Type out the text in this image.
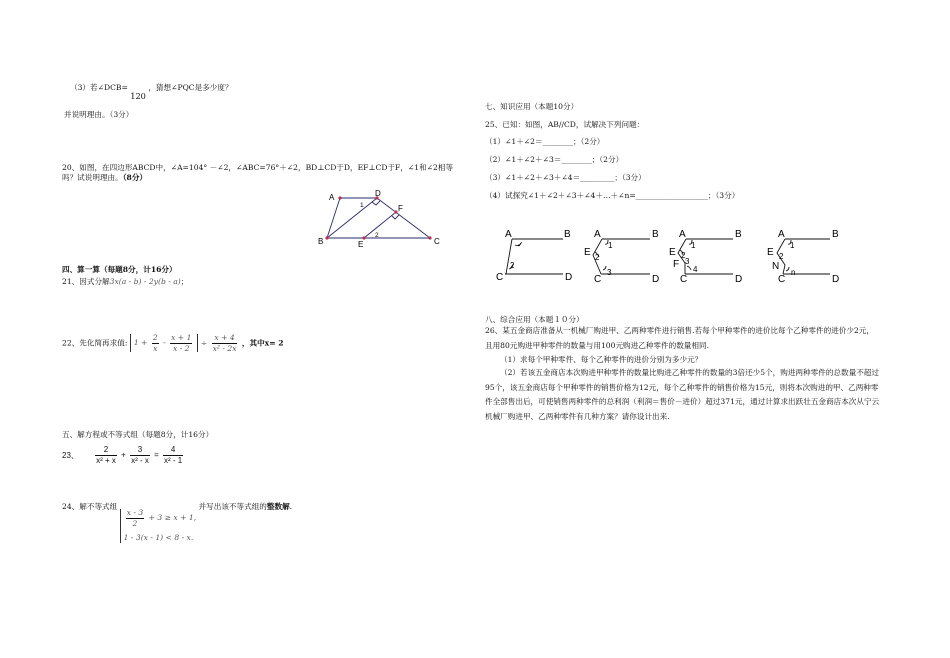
（3）若∠DCB= 120 ，猜想∠PQC是多少度？
并说明理由。（3分）
20、如图，在四边形ABCD中，∠A=104° －∠2，∠ABC=76°＋∠2，BD⊥CD于D，EF⊥CD于F，∠1和∠2相等
吗？试说明理由。（8分）
A
B	C
D
E
F
1
2
四、算一算（每题8分，计16分）
21、因式分解3x(a - b) - 2y(b - a)；
22、先化简再求值: $1 + \frac{2}{x} - \frac{x + 1}{x - 2} \div \frac{x + 4}{\text{x² - 2x}}$ ，其中x= 2
五、解方程或不等式组（每题8分，计16分）
23、 $\frac{2}{\text{x² + x}} + \frac{3}{\text{x² - x}} = \frac{4}{\text{x² - 1}}$
24、解不等式组
$\frac{x - 3}{2} + 3 \ge x + 1$,
1 - 3(x - 1) < 8 - x.
并写出该不等式组的整数解.
七、知识应用（本题10分）
25、已知：如图，AB//CD，试解决下列问题：
（1）∠1＋∠2＝________；（2分）
（2）∠1＋∠2＋∠3＝________；（2分）
（3）∠1＋∠2＋∠3＋∠4＝_________；（3分）
（4）试探究∠1＋∠2＋∠3＋∠4＋…＋∠n=___________________；（3分）
A	B
C	D
A	B
E
C	D
A	B
E
F
C	D
A	B
E
N
C	D
✓
2
1
2
3
1
2
3
4
1
2
n
八、综合应用（本题１０分）
26、某五金商店准备从一机械厂购进甲、乙两种零件进行销售.若每个甲种零件的进价比每个乙种零件的进价少2元，且用80元购进甲种零件的数量与用100元购进乙种零件的数量相同.
（1）求每个甲种零件、每个乙种零件的进价分别为多少元？
（2）若该五金商店本次购进甲种零件的数量比购进乙种零件的数量的3倍还少5个，购进两种零件的总数量不超过95个，该五金商店每个甲种零件的销售价格为12元，每个乙种零件的销售价格为15元，则将本次购进的甲、乙两种零件全部售出后，可使销售两种零件的总利润（利润＝售价－进价）超过371元，通过计算求出跃壮五金商店本次从宁云机械厂购进甲、乙两种零件有几种方案？请你设计出来.
